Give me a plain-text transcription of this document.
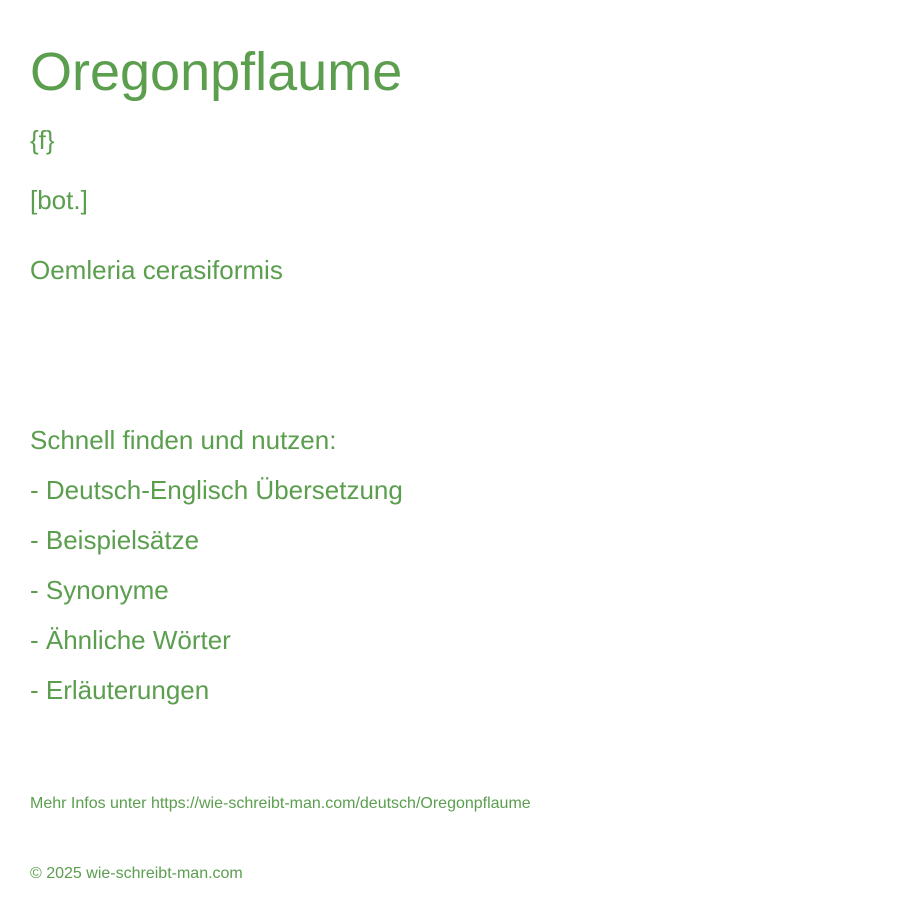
Oregonpflaume
{f}
[bot.]
Oemleria cerasiformis
Schnell finden und nutzen:
- Deutsch-Englisch Übersetzung
- Beispielsätze
- Synonyme
- Ähnliche Wörter
- Erläuterungen
Mehr Infos unter https://wie-schreibt-man.com/deutsch/Oregonpflaume
© 2025 wie-schreibt-man.com
